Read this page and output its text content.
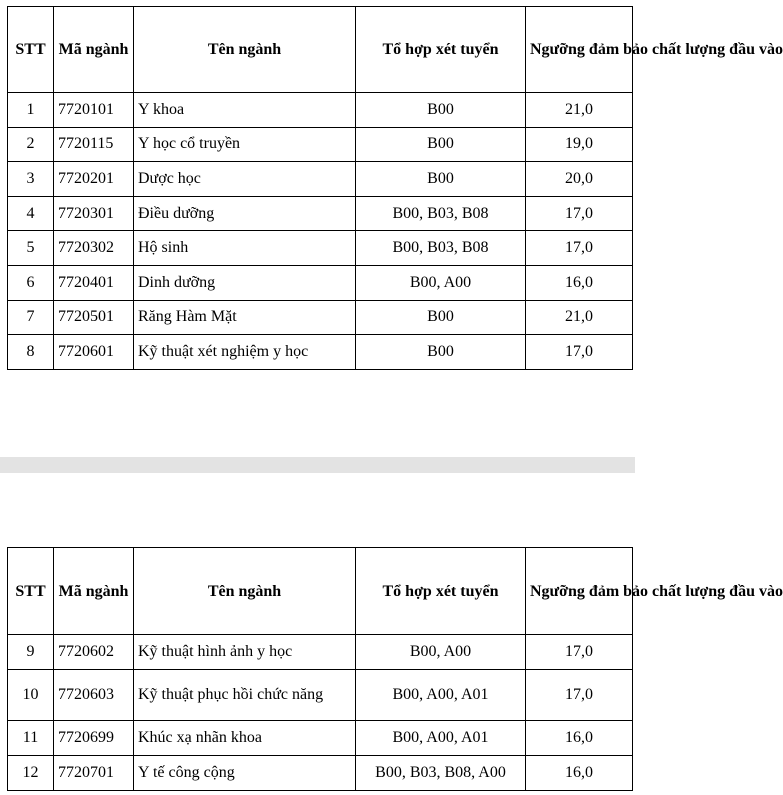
STT	Mã ngành	Tên ngành	Tổ hợp xét tuyển	Ngưỡng đảm bảo chất lượng đầu vào
1	7720101	Y khoa	B00	21,0
2	7720115	Y học cổ truyền	B00	19,0
3	7720201	Dược học	B00	20,0
4	7720301	Điều dưỡng	B00, B03, B08	17,0
5	7720302	Hộ sinh	B00, B03, B08	17,0
6	7720401	Dinh dưỡng	B00, A00	16,0
7	7720501	Răng Hàm Mặt	B00	21,0
8	7720601	Kỹ thuật xét nghiệm y học	B00	17,0
STT	Mã ngành	Tên ngành	Tổ hợp xét tuyển	Ngưỡng đảm bảo chất lượng đầu vào
9	7720602	Kỹ thuật hình ảnh y học	B00, A00	17,0
10	7720603	Kỹ thuật phục hồi chức năng	B00, A00, A01	17,0
11	7720699	Khúc xạ nhãn khoa	B00, A00, A01	16,0
12	7720701	Y tế công cộng	B00, B03, B08, A00	16,0
